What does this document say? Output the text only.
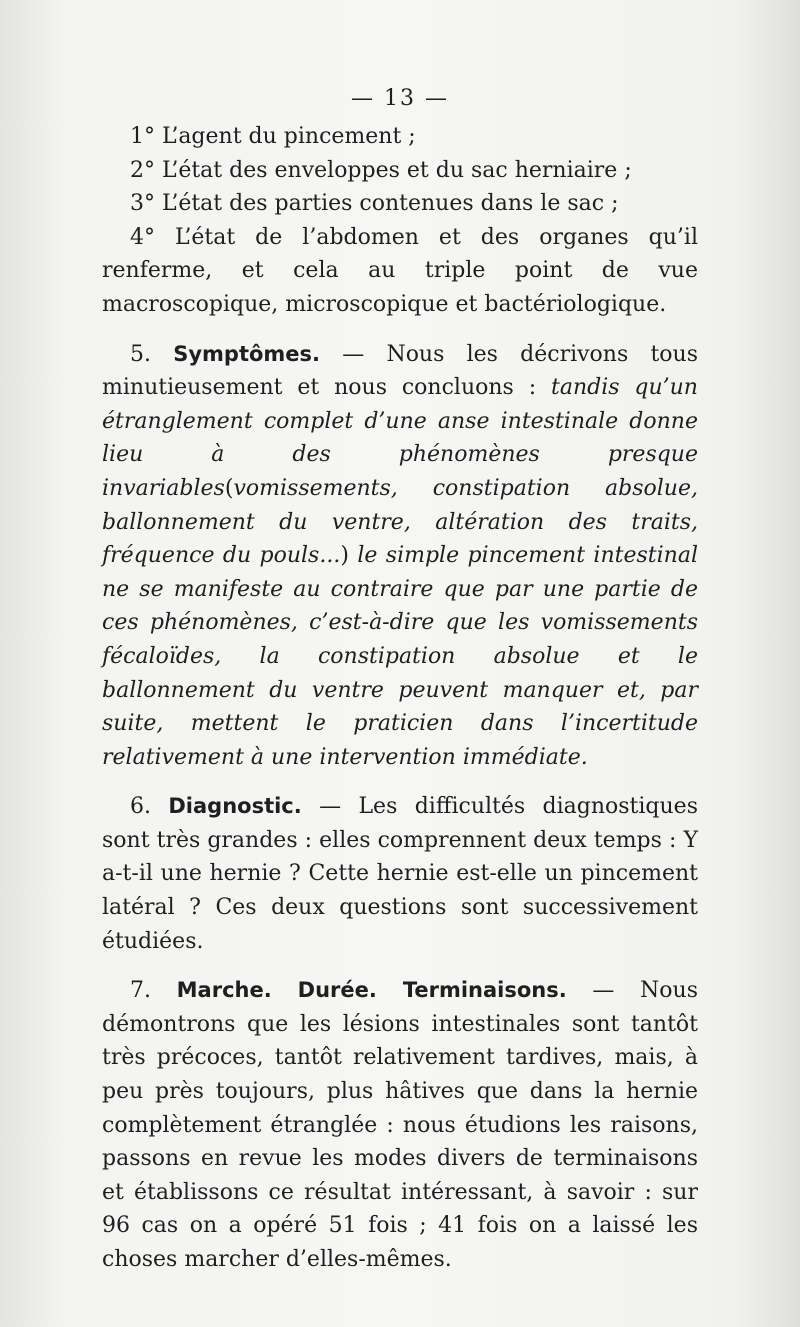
— 13 —

1° L’agent du pincement ;

2° L’état des enveloppes et du sac herniaire ;

3° L’état des parties contenues dans le sac ;

4° L’état de l’abdomen et des organes qu’il renferme, et cela au triple point de vue macroscopique, microscopique et bactériologique.

5. Symptômes. — Nous les décrivons tous minutieusement et nous concluons : tandis qu’un étranglement complet d’une anse intestinale donne lieu à des phénomènes presque invariables(vomissements, constipation absolue, ballonnement du ventre, altération des traits, fréquence du pouls...) le simple pincement intestinal ne se manifeste au contraire que par une partie de ces phénomènes, c’est-à-dire que les vomissements fécaloïdes, la constipation absolue et le ballonnement du ventre peuvent manquer et, par suite, mettent le praticien dans l’incertitude relativement à une intervention immédiate.

6. Diagnostic. — Les difficultés diagnostiques sont très grandes : elles comprennent deux temps : Y a-t-il une hernie ? Cette hernie est-elle un pincement latéral ? Ces deux questions sont successivement étudiées.

7. Marche. Durée. Terminaisons. — Nous démontrons que les lésions intestinales sont tantôt très précoces, tantôt relativement tardives, mais, à peu près toujours, plus hâtives que dans la hernie complètement étranglée : nous étudions les raisons, passons en revue les modes divers de terminaisons et établissons ce résultat intéressant, à savoir : sur 96 cas on a opéré 51 fois ; 41 fois on a laissé les choses marcher d’elles-mêmes.
